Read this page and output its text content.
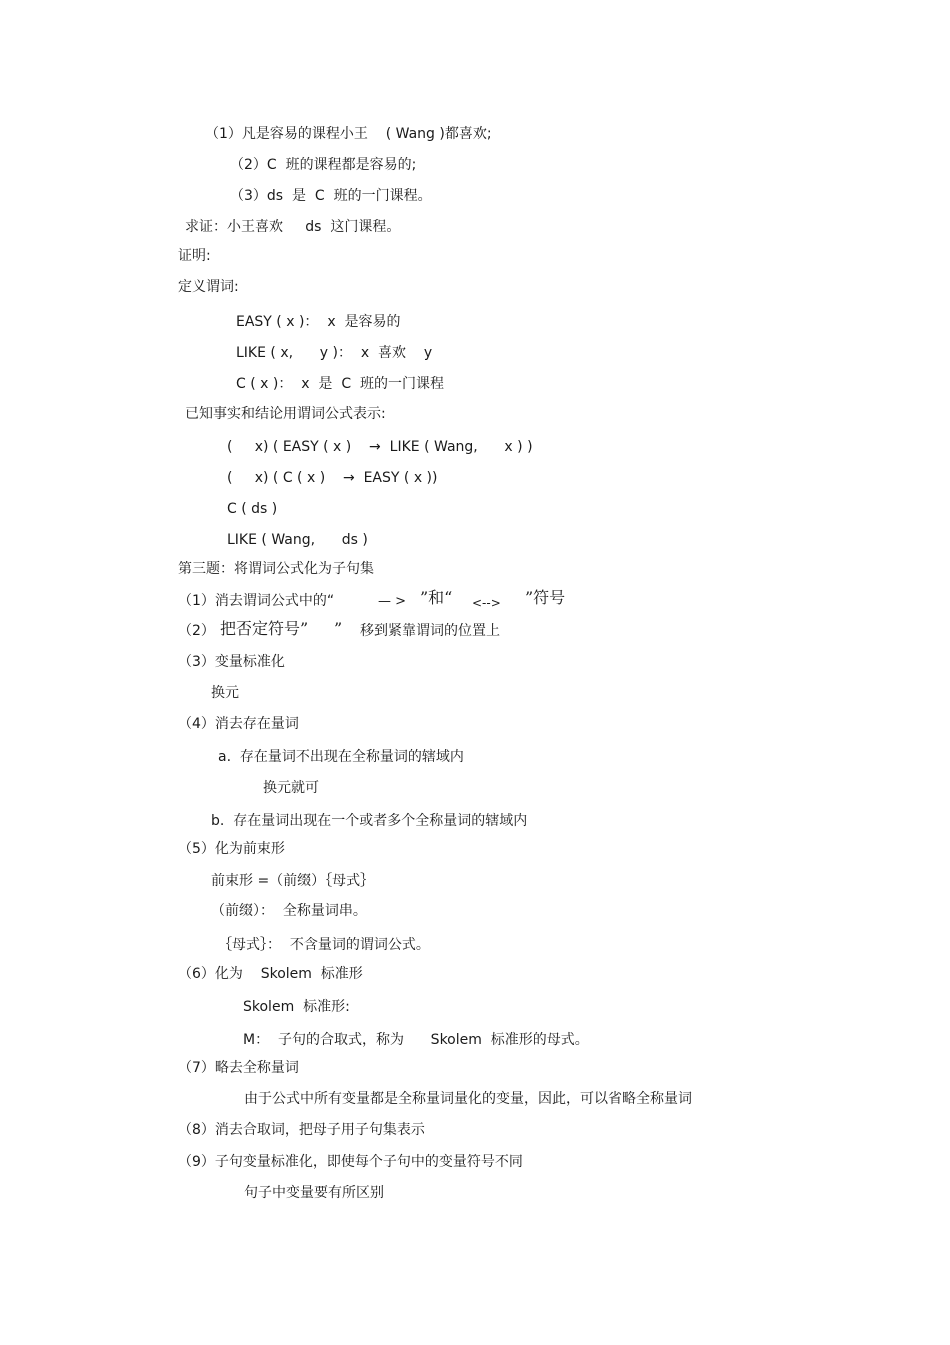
（1）凡是容易的课程小王    ( Wang )都喜欢;
（2）C  班的课程都是容易的;
（3）ds  是  C  班的一门课程。
求证：小王喜欢     ds  这门课程。
证明:
定义谓词:
EASY ( x )：  x  是容易的
LIKE ( x,      y )：  x  喜欢    y
C ( x )：  x  是  C  班的一门课程
已知事实和结论用谓词公式表示:
(     x) ( EASY ( x )    →  LIKE ( Wang,      x ) )
(     x) ( C ( x )    →  EASY ( x ))
C ( ds )
LIKE ( Wang,      ds )
第三题：将谓词公式化为子句集
（1）消去谓词公式中的“	— > ”和“ <--> ”符号
（2） 把否定符号” ” 移到紧靠谓词的位置上
（3）变量标准化
换元
（4）消去存在量词
a.  存在量词不出现在全称量词的辖域内
换元就可
b.  存在量词出现在一个或者多个全称量词的辖域内
（5）化为前束形
前束形 =（前缀）｛母式｝
（前缀）：  全称量词串。
｛母式｝：  不含量词的谓词公式。
（6）化为    Skolem  标准形
Skolem  标准形:
M：  子句的合取式，称为      Skolem  标准形的母式。
（7）略去全称量词
由于公式中所有变量都是全称量词量化的变量，因此，可以省略全称量词
（8）消去合取词，把母子用子句集表示
（9）子句变量标准化，即使每个子句中的变量符号不同
句子中变量要有所区别
